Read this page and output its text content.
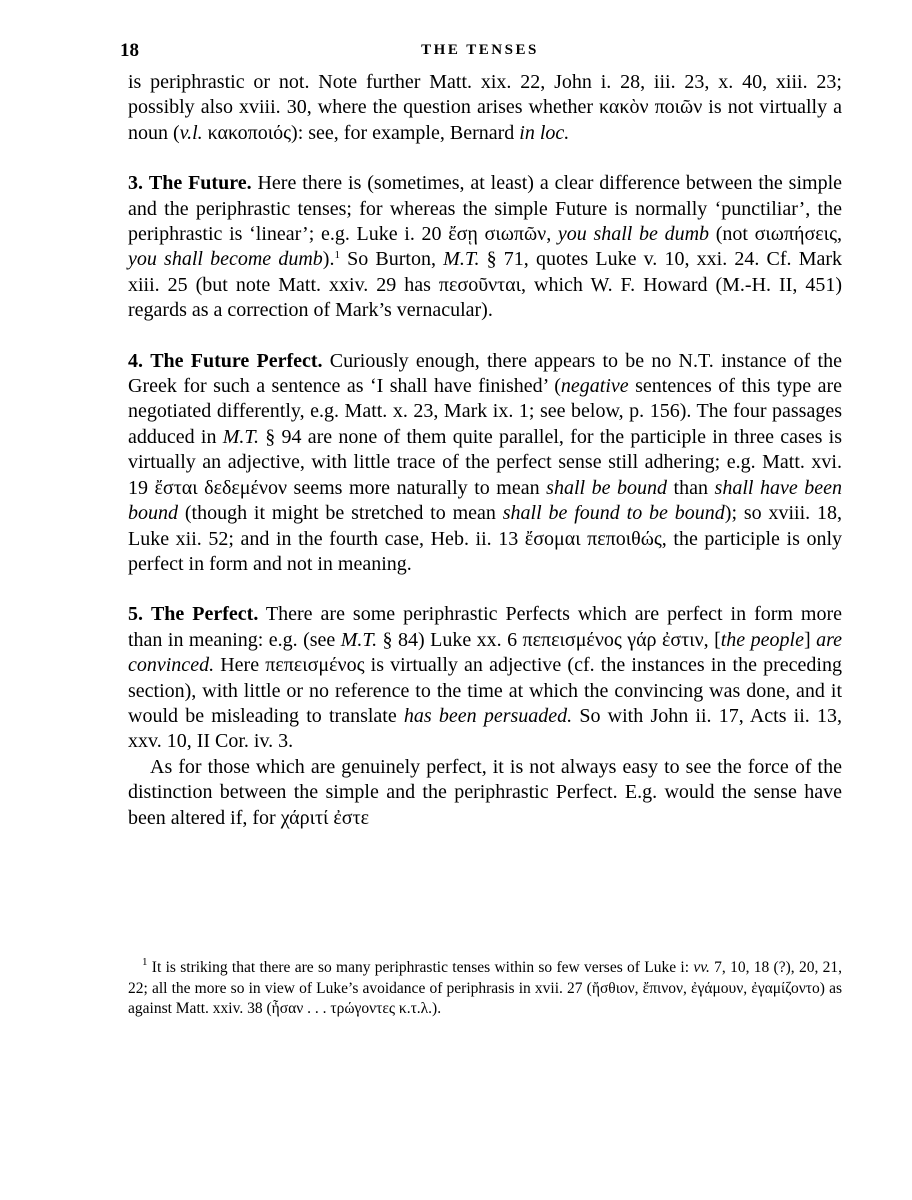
18	THE TENSES

is periphrastic or not. Note further Matt. xix. 22, John i. 28, iii. 23, x. 40, xiii. 23; possibly also xviii. 30, where the question arises whether κακὸν ποιῶν is not virtually a noun (v.l. κακοποιός): see, for example, Bernard in loc.

3. The Future. Here there is (sometimes, at least) a clear difference between the simple and the periphrastic tenses; for whereas the simple Future is normally ‘punctiliar’, the periphrastic is ‘linear’; e.g. Luke i. 20 ἔσῃ σιωπῶν, you shall be dumb (not σιωπήσεις, you shall become dumb).$^1$ So Burton, M.T. § 71, quotes Luke v. 10, xxi. 24. Cf. Mark xiii. 25 (but note Matt. xxiv. 29 has πεσοῦνται, which W. F. Howard (M.-H. II, 451) regards as a correction of Mark’s vernacular).

4. The Future Perfect. Curiously enough, there appears to be no N.T. instance of the Greek for such a sentence as ‘I shall have finished’ (negative sentences of this type are negotiated differently, e.g. Matt. x. 23, Mark ix. 1; see below, p. 156). The four passages adduced in M.T. § 94 are none of them quite parallel, for the participle in three cases is virtually an adjective, with little trace of the perfect sense still adhering; e.g. Matt. xvi. 19 ἔσται δεδεμένον seems more naturally to mean shall be bound than shall have been bound (though it might be stretched to mean shall be found to be bound); so xviii. 18, Luke xii. 52; and in the fourth case, Heb. ii. 13 ἔσομαι πεποιθώς, the participle is only perfect in form and not in meaning.

5. The Perfect. There are some periphrastic Perfects which are perfect in form more than in meaning: e.g. (see M.T. § 84) Luke xx. 6 πεπεισμένος γάρ ἐστιν, [the people] are convinced. Here πεπεισμένος is virtually an adjective (cf. the instances in the preceding section), with little or no reference to the time at which the convincing was done, and it would be misleading to translate has been persuaded. So with John ii. 17, Acts ii. 13, xxv. 10, II Cor. iv. 3.

As for those which are genuinely perfect, it is not always easy to see the force of the distinction between the simple and the periphrastic Perfect. E.g. would the sense have been altered if, for χάριτί ἐστε

$^1$ It is striking that there are so many periphrastic tenses within so few verses of Luke i: vv. 7, 10, 18 (?), 20, 21, 22; all the more so in view of Luke’s avoidance of periphrasis in xvii. 27 (ἤσθιον, ἔπινον, ἐγάμουν, ἐγαμίζοντο) as against Matt. xxiv. 38 (ἦσαν . . . τρώγοντες κ.τ.λ.).
